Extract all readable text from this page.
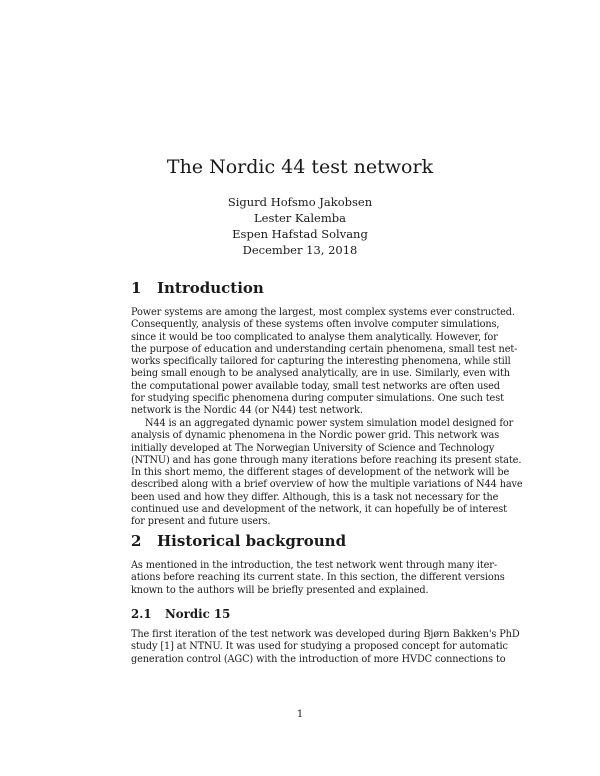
The Nordic 44 test network
Sigurd Hofsmo Jakobsen
Lester Kalemba
Espen Hafstad Solvang
December 13, 2018
1 Introduction
Power systems are among the largest, most complex systems ever constructed.
Consequently, analysis of these systems often involve computer simulations,
since it would be too complicated to analyse them analytically. However, for
the purpose of education and understanding certain phenomena, small test net-
works specifically tailored for capturing the interesting phenomena, while still
being small enough to be analysed analytically, are in use. Similarly, even with
the computational power available today, small test networks are often used
for studying specific phenomena during computer simulations. One such test
network is the Nordic 44 (or N44) test network.
N44 is an aggregated dynamic power system simulation model designed for
analysis of dynamic phenomena in the Nordic power grid. This network was
initially developed at The Norwegian University of Science and Technology
(NTNU) and has gone through many iterations before reaching its present state.
In this short memo, the different stages of development of the network will be
described along with a brief overview of how the multiple variations of N44 have
been used and how they differ. Although, this is a task not necessary for the
continued use and development of the network, it can hopefully be of interest
for present and future users.
2 Historical background
As mentioned in the introduction, the test network went through many iter-
ations before reaching its current state. In this section, the different versions
known to the authors will be briefly presented and explained.
2.1 Nordic 15
The first iteration of the test network was developed during Bjørn Bakken's PhD
study [1] at NTNU. It was used for studying a proposed concept for automatic
generation control (AGC) with the introduction of more HVDC connections to
1
